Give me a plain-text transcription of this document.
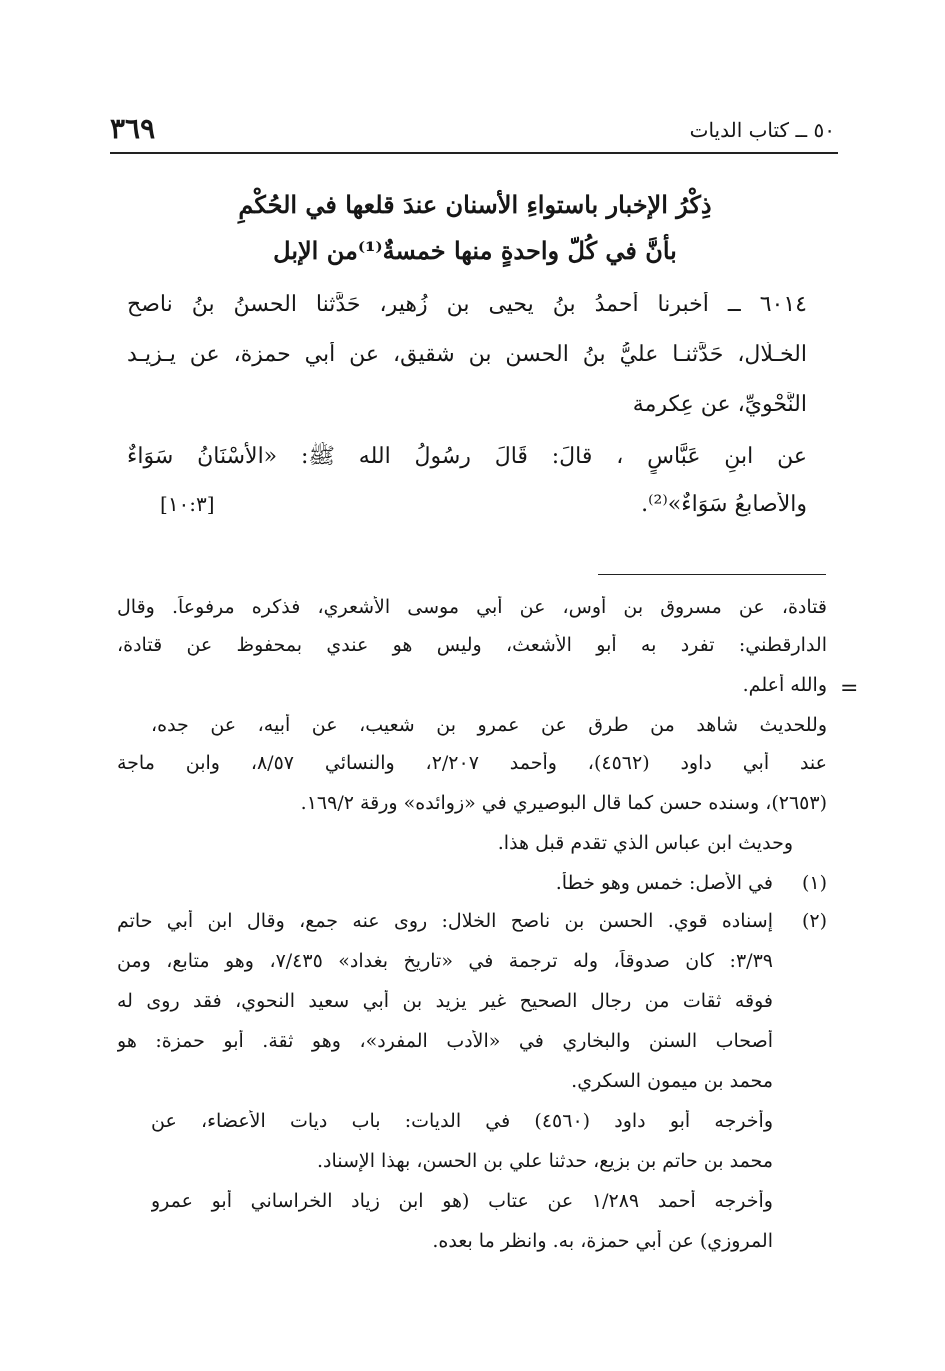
٥٠ ــ كتاب الديات
٣٦٩
ذِكْرُ الإخبار باستواءِ الأسنان عندَ قلعها في الحُكْمِ
بأنَّ في كُلّ واحدةٍ منها خمسةٌ⁽¹⁾من الإبل
٦٠١٤ ــ أخبرنا أحمدُ بنُ يحيى بنِ زُهير، حَدَّثنا الحسنُ بنُ ناصح
الخـلّال، حَدَّثنـا عليُّ بنُ الحسن بنِ شقيق، عن أبي حمزة، عن يـزيـد
النَّحْوِيِّ، عن عِكرمة
عن ابنِ عَبَّاسٍ ، قالَ: قَالَ رسُولُ الله ﷺ: «الأَسْنَانُ سَوَاءٌ
والأصابعُ سَوَاءٌ»⁽²⁾.
[١٠:٣]
قتادة، عن مسروق بن أوس، عن أبي موسى الأشعري، فذكره مرفوعاً. وقال
الدارقطني: تفرد به أبو الأشعث، وليس هو عندي بمحفوظ عن قتادة،
والله أعلم. =
وللحديث شاهد من طرق عن عمرو بن شعيب، عن أبيه، عن جده،
عند أبي داود (٤٥٦٢)، وأحمد ٢/٢٠٧، والنسائي ٨/٥٧، وابن ماجة
(٢٦٥٣)، وسنده حسن كما قال البوصيري في «زوائده» ورقة ١٦٩/٢.
وحديث ابن عباس الذي تقدم قبل هذا.
(١)
في الأصل: خمس وهو خطأ.
(٢)
إسناده قوي. الحسن بن ناصح الخلال: روى عنه جمع، وقال ابن أبي حاتم
٣/٣٩: كان صدوقاً، وله ترجمة في «تاريخ بغداد» ٧/٤٣٥، وهو متابع، ومن
فوقه ثقات من رجال الصحيح غير يزيد بن أبي سعيد النحوي، فقد روى له
أصحاب السنن والبخاري في «الأدب المفرد»، وهو ثقة. أبو حمزة: هو
محمد بن ميمون السكري.
وأخرجه أبو داود (٤٥٦٠) في الديات: باب ديات الأعضاء، عن
محمد بن حاتم بن بزيع، حدثنا علي بن الحسن، بهذا الإسناد.
وأخرجه أحمد ١/٢٨٩ عن عتاب (هو ابن زياد الخراساني أبو عمرو
المروزي) عن أبي حمزة، به. وانظر ما بعده.
